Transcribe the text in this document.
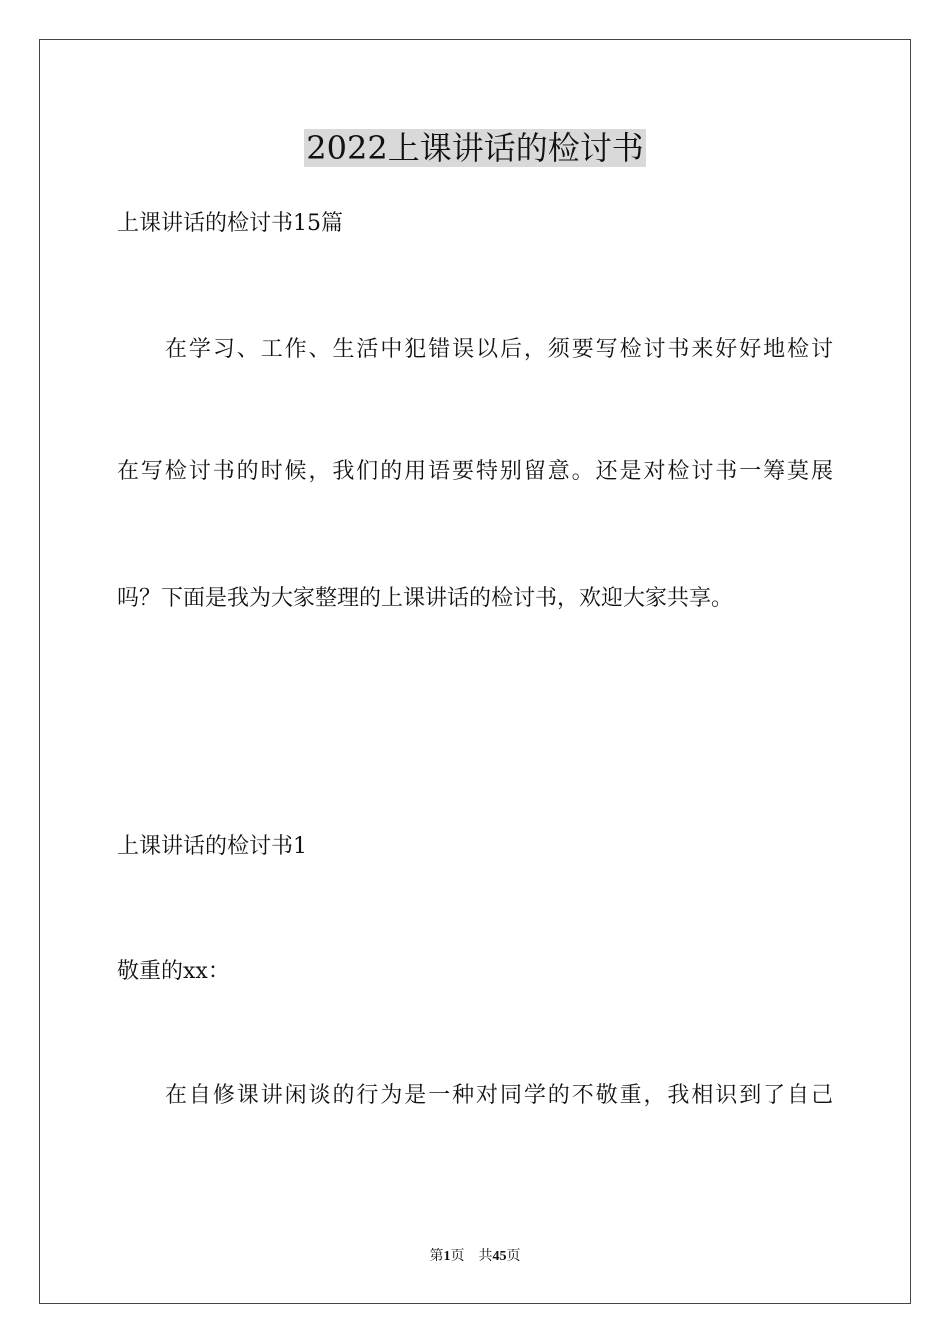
2022上课讲话的检讨书
上课讲话的检讨书15篇
在学习、工作、生活中犯错误以后，须要写检讨书来好好地检讨
在写检讨书的时候，我们的用语要特别留意。还是对检讨书一筹莫展
吗？下面是我为大家整理的上课讲话的检讨书，欢迎大家共享。
上课讲话的检讨书1
敬重的xx：
在自修课讲闲谈的行为是一种对同学的不敬重，我相识到了自己
第1页 共45页
